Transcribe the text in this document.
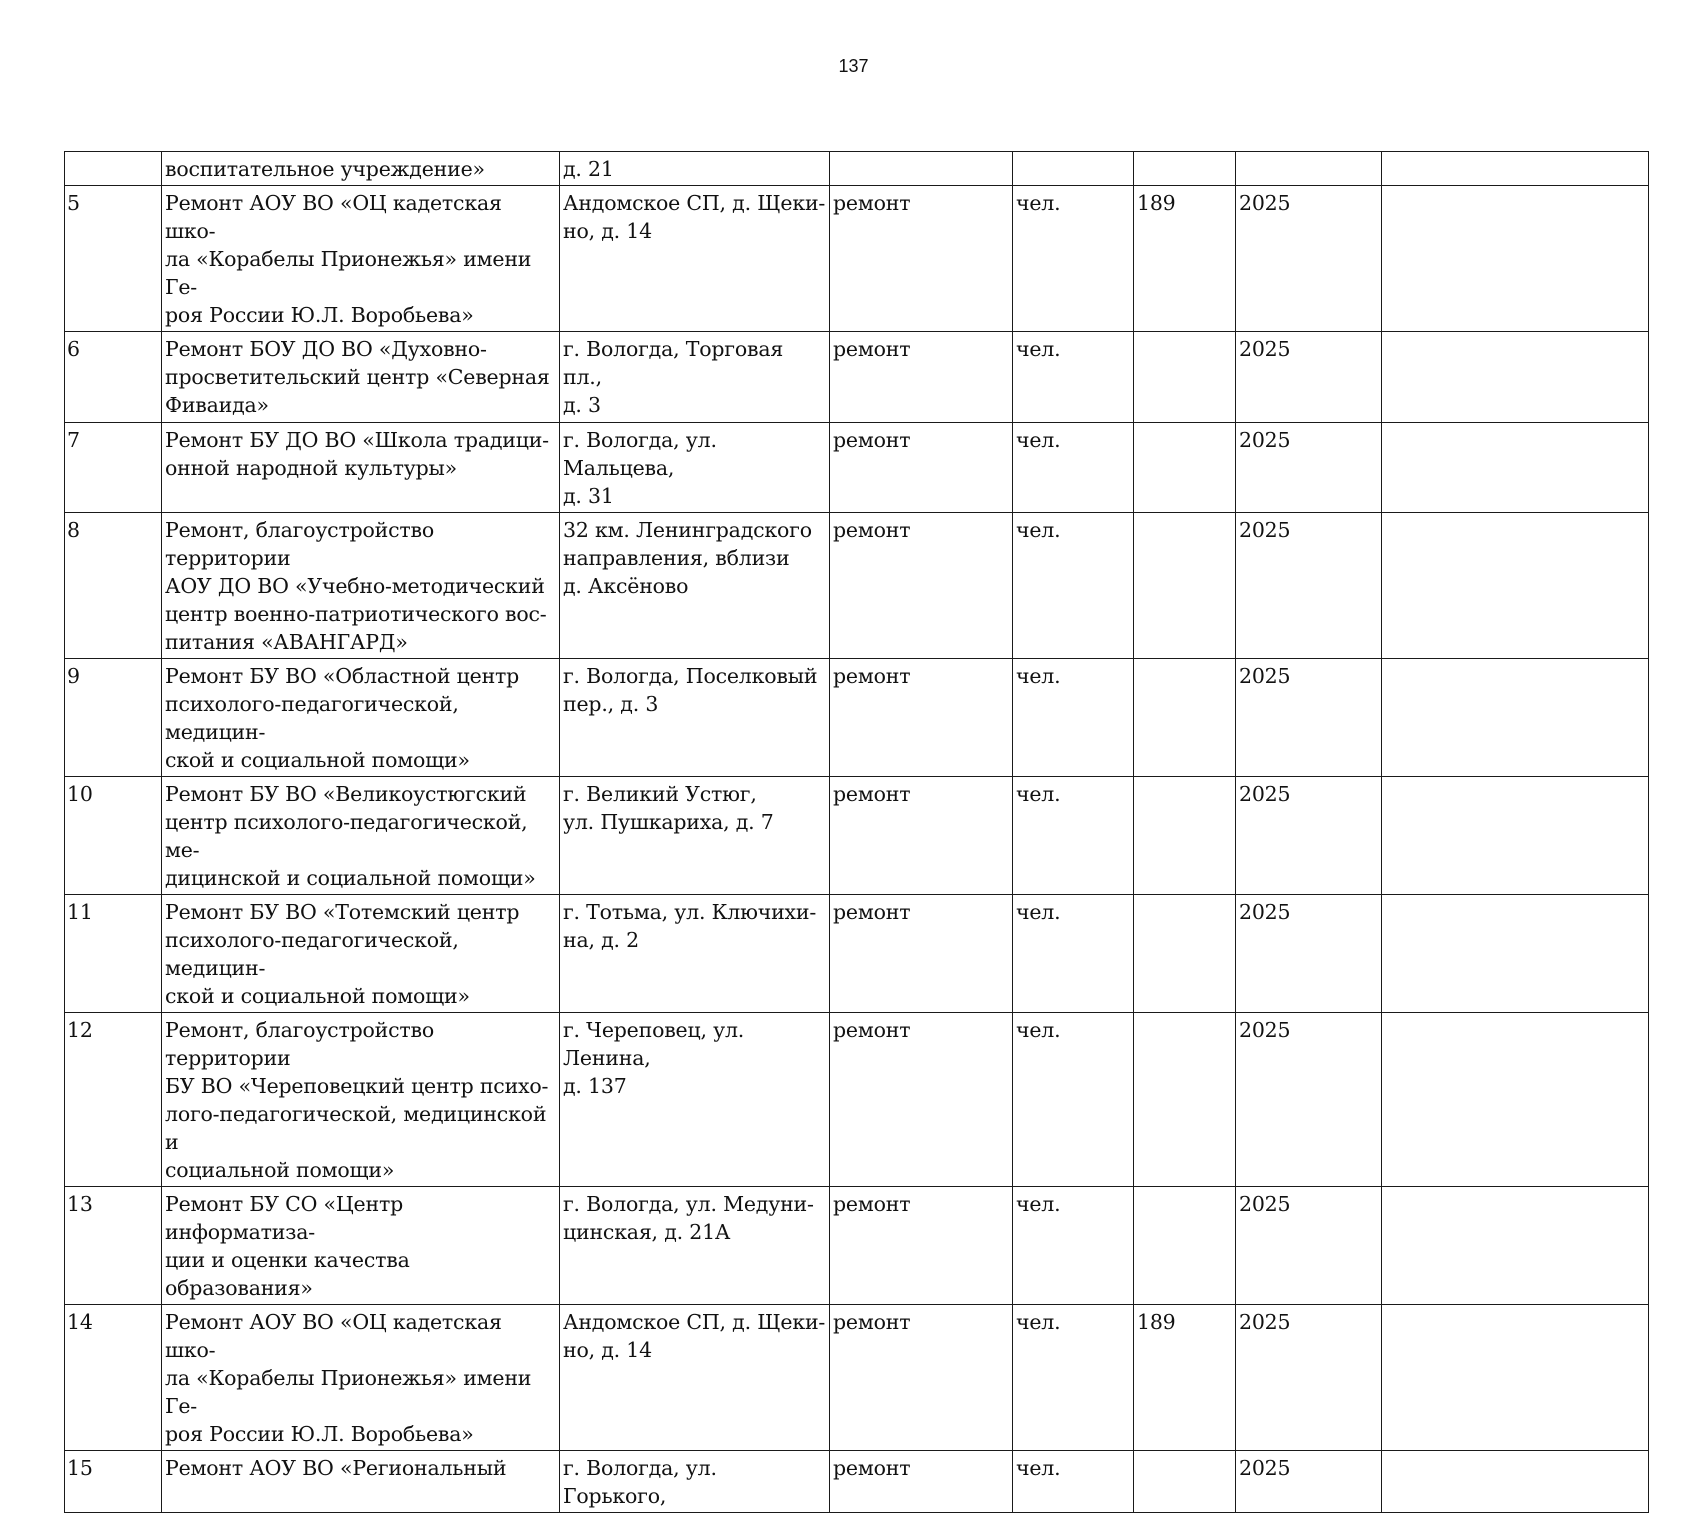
137
	воспитательное учреждение»	д. 21					
5	Ремонт АОУ ВО «ОЦ кадетская шко-
ла «Корабелы Прионежья» имени Ге-
роя России Ю.Л. Воробьева»	Андомское СП, д. Щеки-
но, д. 14	ремонт	чел.	189	2025	
6	Ремонт БОУ ДО ВО «Духовно-
просветительский центр «Северная
Фиваида»	г. Вологда, Торговая пл.,
д. 3	ремонт	чел.		2025	
7	Ремонт БУ ДО ВО «Школа традици-
онной народной культуры»	г. Вологда, ул. Мальцева,
д. 31	ремонт	чел.		2025	
8	Ремонт, благоустройство территории
АОУ ДО ВО «Учебно-методический
центр военно-патриотического вос-
питания «АВАНГАРД»	32 км. Ленинградского
направления, вблизи
д. Аксёново	ремонт	чел.		2025	
9	Ремонт БУ ВО «Областной центр
психолого-педагогической, медицин-
ской и социальной помощи»	г. Вологда, Поселковый
пер., д. 3	ремонт	чел.		2025	
10	Ремонт БУ ВО «Великоустюгский
центр психолого-педагогической, ме-
дицинской и социальной помощи»	г. Великий Устюг,
ул. Пушкариха, д. 7	ремонт	чел.		2025	
11	Ремонт БУ ВО «Тотемский центр
психолого-педагогической, медицин-
ской и социальной помощи»	г. Тотьма, ул. Ключихи-
на, д. 2	ремонт	чел.		2025	
12	Ремонт, благоустройство территории
БУ ВО «Череповецкий центр психо-
лого-педагогической, медицинской и
социальной помощи»	г. Череповец, ул. Ленина,
д. 137	ремонт	чел.		2025	
13	Ремонт БУ СО «Центр информатиза-
ции и оценки качества образования»	г. Вологда, ул. Медуни-
цинская, д. 21А	ремонт	чел.		2025	
14	Ремонт АОУ ВО «ОЦ кадетская шко-
ла «Корабелы Прионежья» имени Ге-
роя России Ю.Л. Воробьева»	Андомское СП, д. Щеки-
но, д. 14	ремонт	чел.	189	2025	
15	Ремонт АОУ ВО «Региональный	г. Вологда, ул. Горького,	ремонт	чел.		2025	
